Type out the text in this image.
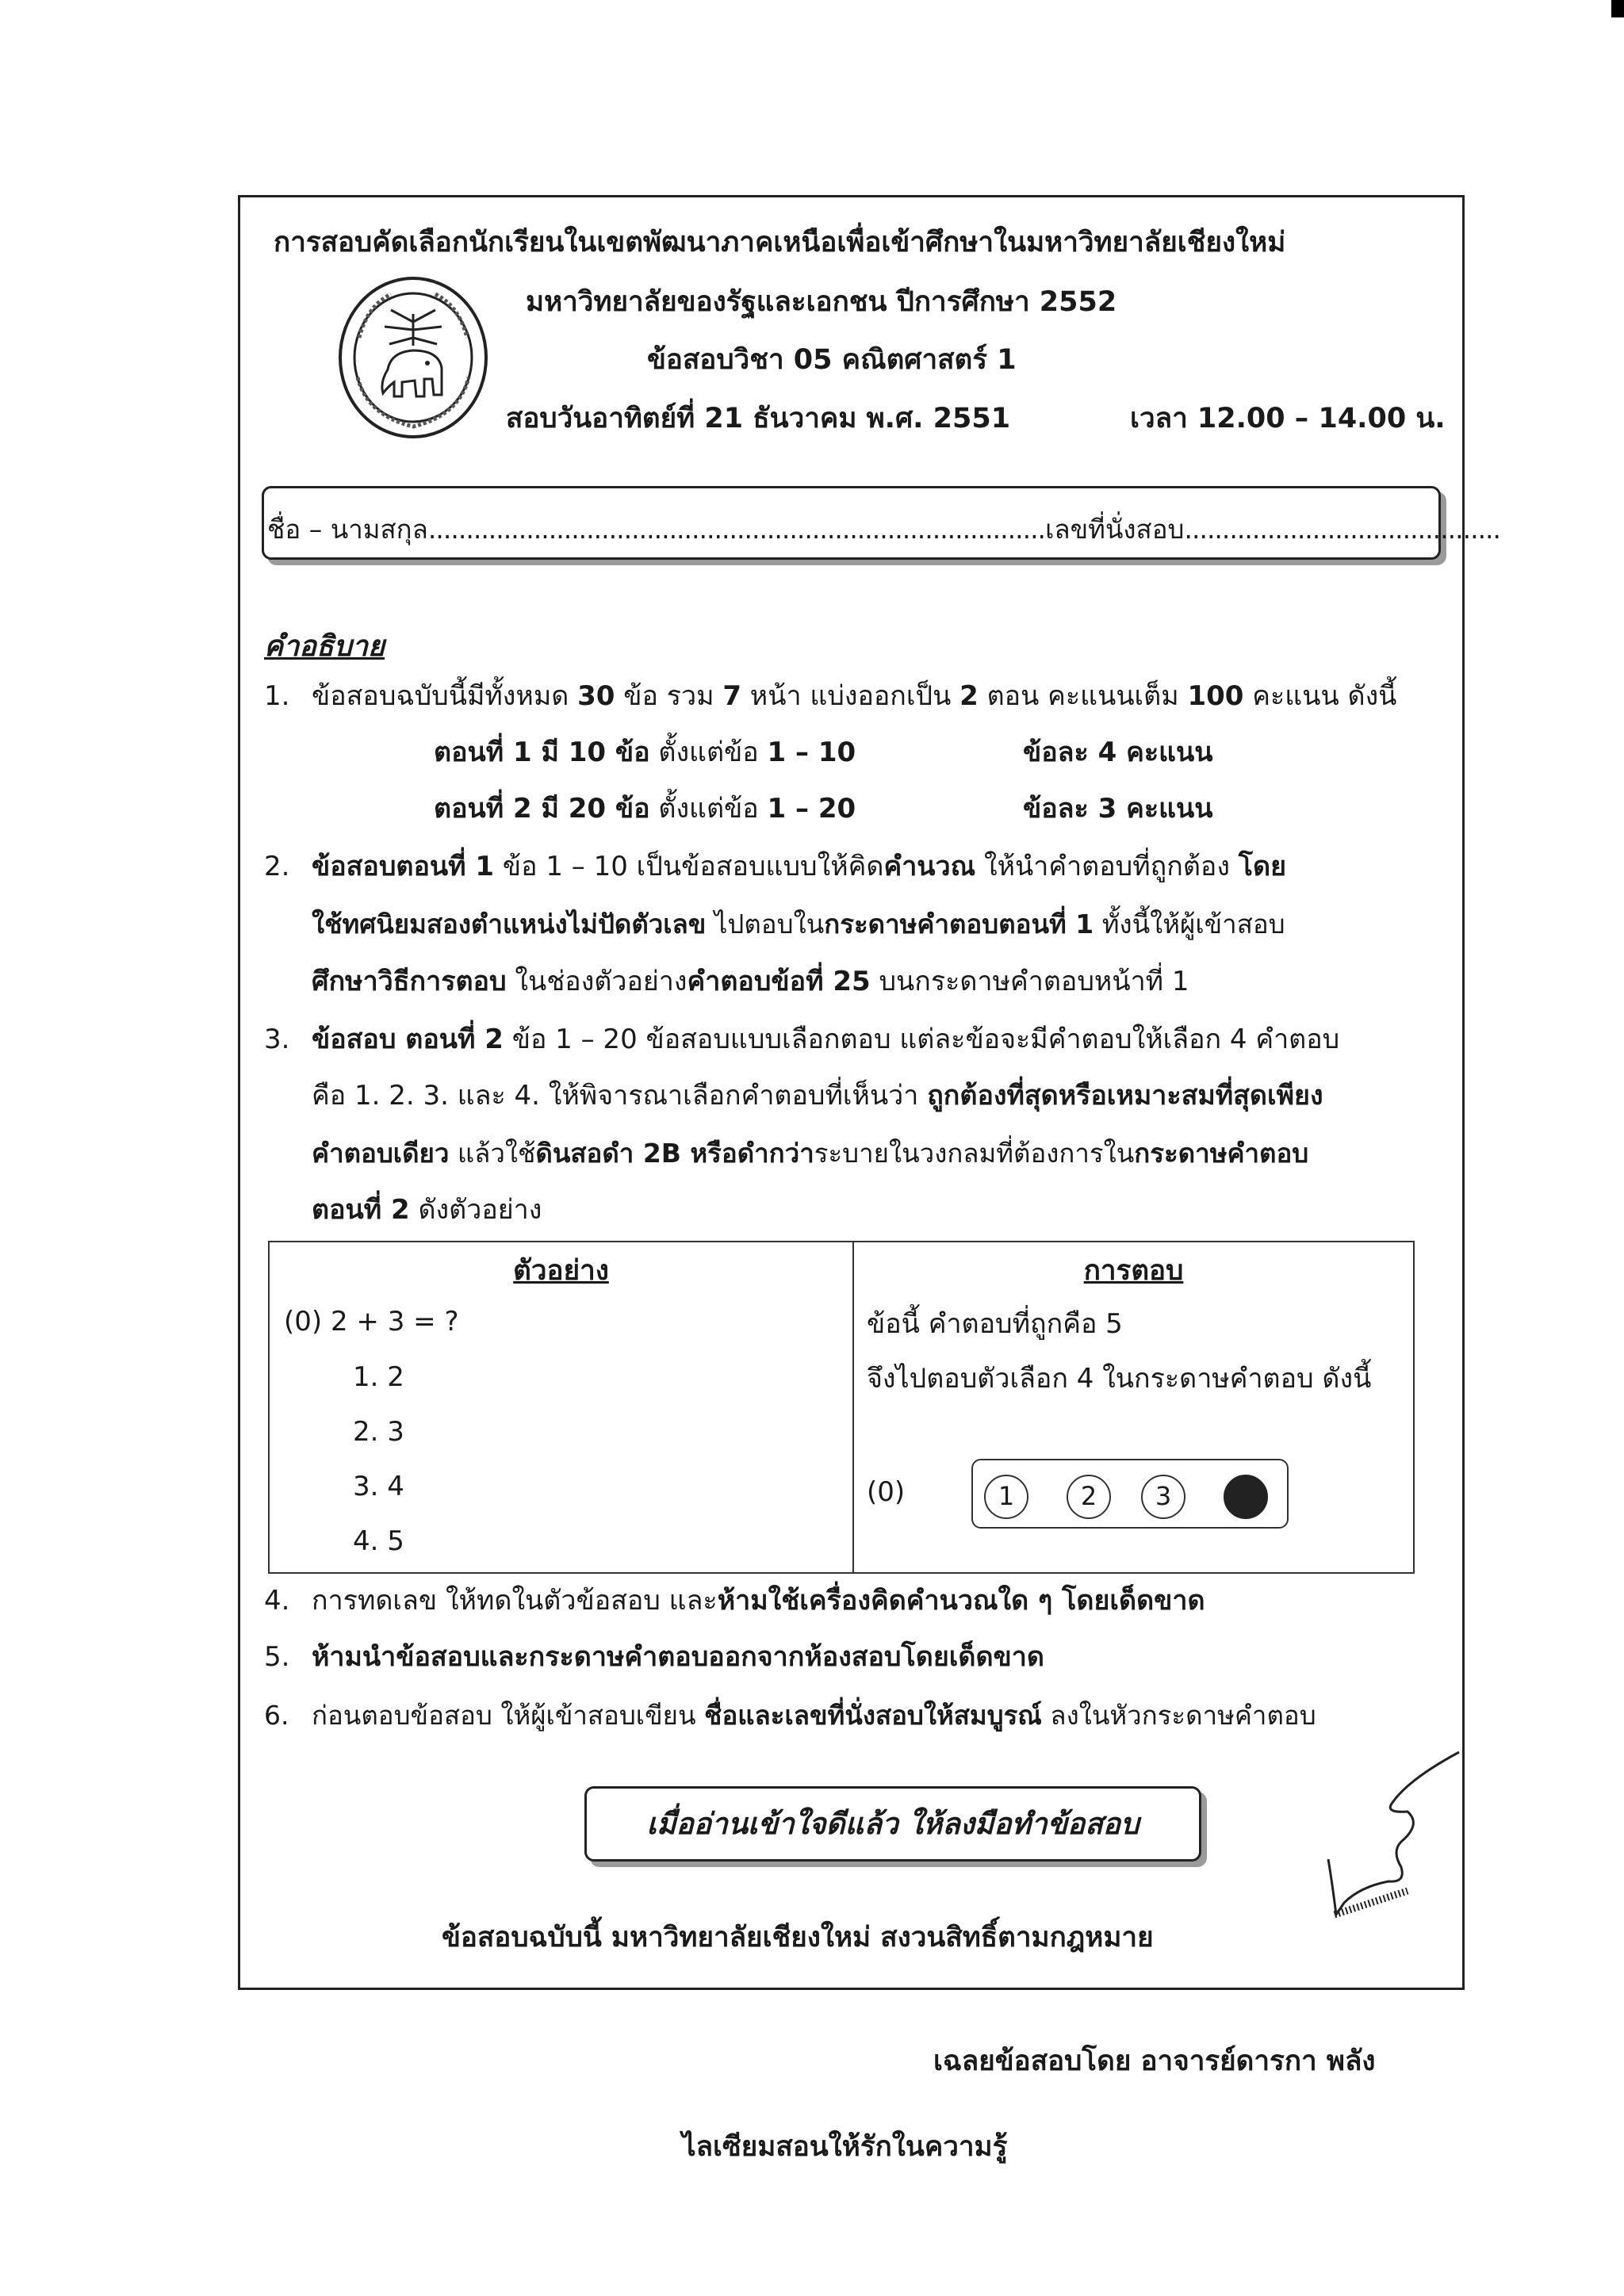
การสอบคัดเลือกนักเรียนในเขตพัฒนาภาคเหนือเพื่อเข้าศึกษาในมหาวิทยาลัยเชียงใหม่
มหาวิทยาลัยของรัฐและเอกชน ปีการศึกษา 2552
ข้อสอบวิชา 05 คณิตศาสตร์ 1
สอบวันอาทิตย์ที่ 21 ธันวาคม พ.ศ. 2551	เวลา 12.00 – 14.00 น.
ชื่อ – นามสกุล..................................................................................เลขที่นั่งสอบ..........................................
คำอธิบาย
1. ข้อสอบฉบับนี้มีทั้งหมด 30 ข้อ รวม 7 หน้า แบ่งออกเป็น 2 ตอน คะแนนเต็ม 100 คะแนน ดังนี้
ตอนที่ 1 มี 10 ข้อ ตั้งแต่ข้อ 1 – 10	ข้อละ 4 คะแนน
ตอนที่ 2 มี 20 ข้อ ตั้งแต่ข้อ 1 – 20	ข้อละ 3 คะแนน
2. ข้อสอบตอนที่ 1 ข้อ 1 – 10 เป็นข้อสอบแบบให้คิดคำนวณ ให้นำคำตอบที่ถูกต้อง โดย
ใช้ทศนิยมสองตำแหน่งไม่ปัดตัวเลข ไปตอบในกระดาษคำตอบตอนที่ 1 ทั้งนี้ให้ผู้เข้าสอบ
ศึกษาวิธีการตอบ ในช่องตัวอย่างคำตอบข้อที่ 25 บนกระดาษคำตอบหน้าที่ 1
3. ข้อสอบ ตอนที่ 2 ข้อ 1 – 20 ข้อสอบแบบเลือกตอบ แต่ละข้อจะมีคำตอบให้เลือก 4 คำตอบ
คือ 1. 2. 3. และ 4. ให้พิจารณาเลือกคำตอบที่เห็นว่า ถูกต้องที่สุดหรือเหมาะสมที่สุดเพียง
คำตอบเดียว แล้วใช้ดินสอดำ 2B หรือดำกว่าระบายในวงกลมที่ต้องการในกระดาษคำตอบ
ตอนที่ 2 ดังตัวอย่าง
ตัวอย่าง
(0) 2 + 3 = ?
1. 2
2. 3
3. 4
4. 5

การตอบ
ข้อนี้ คำตอบที่ถูกคือ 5
จึงไปตอบตัวเลือก 4 ในกระดาษคำตอบ ดังนี้
(0)	1	2	3
4. การทดเลข ให้ทดในตัวข้อสอบ และห้ามใช้เครื่องคิดคำนวณใด ๆ โดยเด็ดขาด
5. ห้ามนำข้อสอบและกระดาษคำตอบออกจากห้องสอบโดยเด็ดขาด
6. ก่อนตอบข้อสอบ ให้ผู้เข้าสอบเขียน ชื่อและเลขที่นั่งสอบให้สมบูรณ์ ลงในหัวกระดาษคำตอบ
เมื่ออ่านเข้าใจดีแล้ว ให้ลงมือทำข้อสอบ
ข้อสอบฉบับนี้ มหาวิทยาลัยเชียงใหม่ สงวนสิทธิ์ตามกฎหมาย
เฉลยข้อสอบโดย อาจารย์ดารกา พลัง
ไลเซียมสอนให้รักในความรู้
